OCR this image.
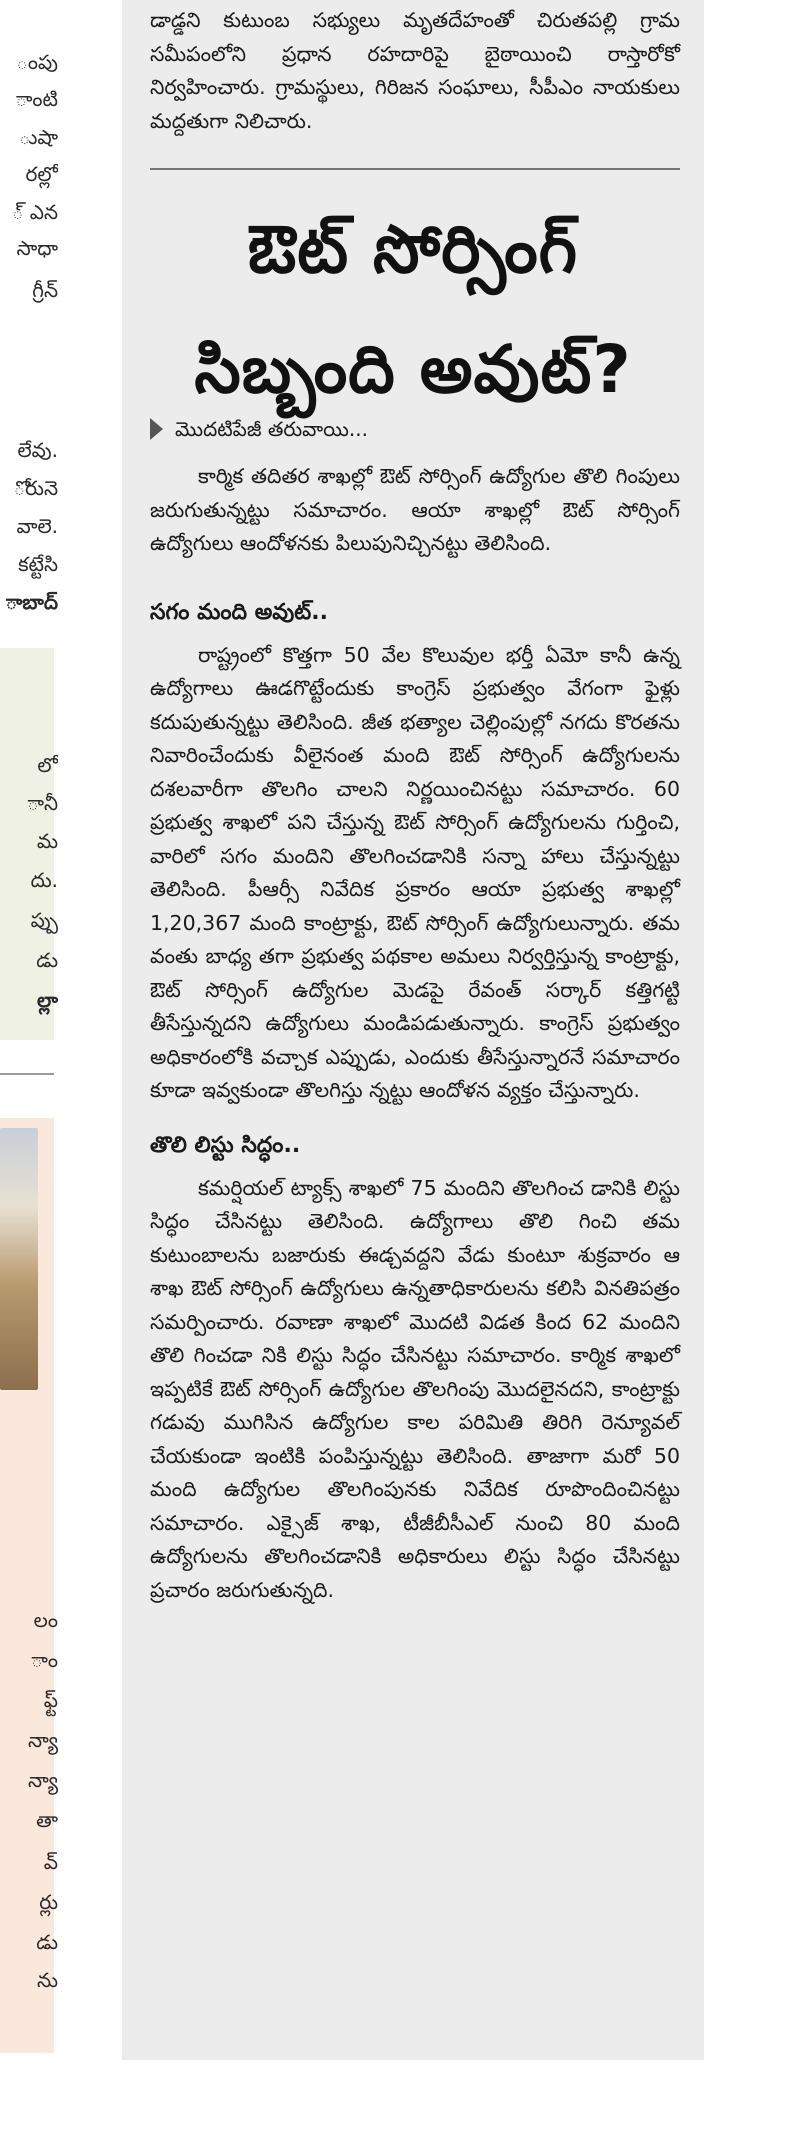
ంపు
ాంటి
ుషా
రల్లో
్ ఎన
సాధా
గ్రీన్
లేవు.
ోరునె
వాలె.
కట్టేసి
ాబాద్
లో
ానీ
మ
దు.
ప్పు
డు
ల్లా
లం
ాం
ఫ్ట్
న్యా
న్యా
తా
వ్
ర్లు
డు
ను

డాడ్డని కుటుంబ సభ్యులు మృతదేహంతో చిరుతపల్లి గ్రామ సమీపంలోని ప్రధాన రహదారిపై బైఠాయించి రాస్తారోకో నిర్వహించారు. గ్రామస్థులు, గిరిజన సంఘాలు, సీపీఎం నాయకులు మద్దతుగా నిలిచారు.

ఔట్ సోర్సింగ్
సిబ్బంది అవుట్?
మొదటిపేజీ తరువాయి...

కార్మిక తదితర శాఖల్లో ఔట్ సోర్సింగ్ ఉద్యోగుల తొలి గింపులు జరుగుతున్నట్టు సమాచారం. ఆయా శాఖల్లో ఔట్ సోర్సింగ్ ఉద్యోగులు ఆందోళనకు పిలుపునిచ్చినట్టు తెలిసింది.

సగం మంది అవుట్..

రాష్ట్రంలో కొత్తగా 50 వేల కొలువుల భర్తీ ఏమో కానీ ఉన్న ఉద్యోగాలు ఊడగొట్టేందుకు కాంగ్రెస్ ప్రభుత్వం వేగంగా ఫైళ్లు కదుపుతున్నట్టు తెలిసింది. జీత భత్యాల చెల్లింపుల్లో నగదు కొరతను నివారించేందుకు వీలైనంత మంది ఔట్ సోర్సింగ్ ఉద్యోగులను దశలవారీగా తొలగిం చాలని నిర్ణయించినట్టు సమాచారం. 60 ప్రభుత్వ శాఖలో పని చేస్తున్న ఔట్ సోర్సింగ్ ఉద్యోగులను గుర్తించి, వారిలో సగం మందిని తొలగించడానికి సన్నా హాలు చేస్తున్నట్టు తెలిసింది. పీఆర్సీ నివేదిక ప్రకారం ఆయా ప్రభుత్వ శాఖల్లో 1,20,367 మంది కాంట్రాక్టు, ఔట్ సోర్సింగ్ ఉద్యోగులున్నారు. తమ వంతు బాధ్య తగా ప్రభుత్వ పథకాల అమలు నిర్వర్తిస్తున్న కాంట్రాక్టు, ఔట్ సోర్సింగ్ ఉద్యోగుల మెడపై రేవంత్ సర్కార్ కత్తిగట్టి తీసేస్తున్నదని ఉద్యోగులు మండిపడుతున్నారు. కాంగ్రెస్ ప్రభుత్వం అధికారంలోకి వచ్చాక ఎప్పుడు, ఎందుకు తీసేస్తున్నారనే సమాచారం కూడా ఇవ్వకుండా తొలగిస్తు న్నట్టు ఆందోళన వ్యక్తం చేస్తున్నారు.

తొలి లిస్టు సిద్ధం..

కమర్షియల్ ట్యాక్స్ శాఖలో 75 మందిని తొలగించ డానికి లిస్టు సిద్ధం చేసినట్టు తెలిసింది. ఉద్యోగాలు తొలి గించి తమ కుటుంబాలను బజారుకు ఈడ్చవద్దని వేడు కుంటూ శుక్రవారం ఆ శాఖ ఔట్ సోర్సింగ్ ఉద్యోగులు ఉన్నతాధికారులను కలిసి వినతిపత్రం సమర్పించారు. రవాణా శాఖలో మొదటి విడత కింద 62 మందిని తొలి గించడా నికి లిస్టు సిద్ధం చేసినట్టు సమాచారం. కార్మిక శాఖలో ఇప్పటికే ఔట్ సోర్సింగ్ ఉద్యోగుల తొలగింపు మొదలైనదని, కాంట్రాక్టు గడువు ముగిసిన ఉద్యోగుల కాల పరిమితి తిరిగి రెన్యూవల్ చేయకుండా ఇంటికి పంపిస్తున్నట్టు తెలిసింది. తాజాగా మరో 50 మంది ఉద్యోగుల తొలగింపునకు నివేదిక రూపొందించినట్టు సమాచారం. ఎక్సైజ్ శాఖ, టీజీబీసీఎల్ నుంచి 80 మంది ఉద్యోగులను తొలగించడానికి అధికారులు లిస్టు సిద్ధం చేసినట్టు ప్రచారం జరుగుతున్నది.
